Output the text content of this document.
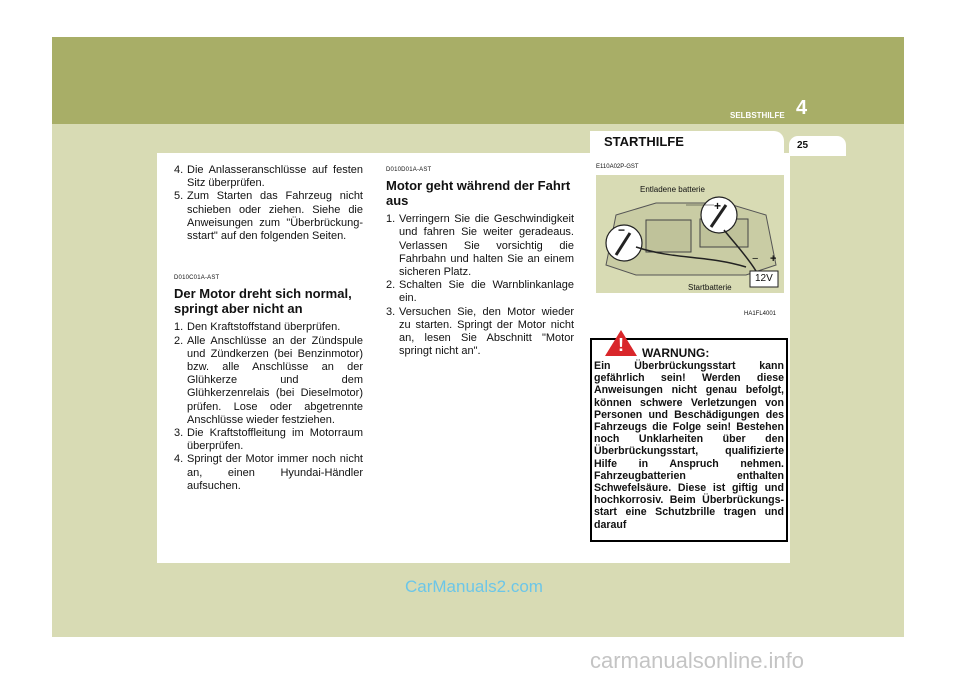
SELBSTHILFE 4
25
STARTHILFE
4. Die Anlasseranschlüsse auf festen Sitz überprüfen.
5. Zum Starten das Fahrzeug nicht schieben oder ziehen. Siehe die Anweisungen zum "Überbrückung-sstart" auf den folgenden Seiten.
D010C01A-AST
Der Motor dreht sich normal, springt aber nicht an
1. Den Kraftstoffstand überprüfen.
2. Alle Anschlüsse an der Zündspule und Zündkerzen (bei Benzinmotor) bzw. alle Anschlüsse an der Glühkerze und dem Glühkerzenrelais (bei Dieselmotor) prüfen. Lose oder abgetrennte Anschlüsse wieder festziehen.
3. Die Kraftstoffleitung im Motorraum überprüfen.
4. Springt der Motor immer noch nicht an, einen Hyundai-Händler aufsuchen.
D010D01A-AST
Motor geht während der Fahrt aus
1. Verringern Sie die Geschwindigkeit und fahren Sie weiter geradeaus. Verlassen Sie vorsichtig die Fahrbahn und halten Sie an einem sicheren Platz.
2. Schalten Sie die Warnblinkanlage ein.
3. Versuchen Sie, den Motor wieder zu starten. Springt der Motor nicht an, lesen Sie Abschnitt "Motor springt nicht an".
E110A02P-GST
Entladene batterie
−
+
− +
Startbatterie
12V
HA1FL4001
! WARNUNG:
Ein Überbrückungsstart kann gefährlich sein! Werden diese Anweisungen nicht genau befolgt, können schwere Verletzungen von Personen und Beschädigungen des Fahrzeugs die Folge sein! Bestehen noch Unklarheiten über den Überbrückungsstart, qualifizierte Hilfe in Anspruch nehmen. Fahrzeugbatterien enthalten Schwefelsäure. Diese ist giftig und hochkorrosiv. Beim Überbrückungs-start eine Schutzbrille tragen und darauf
CarManuals2.com
carmanualsonline.info
